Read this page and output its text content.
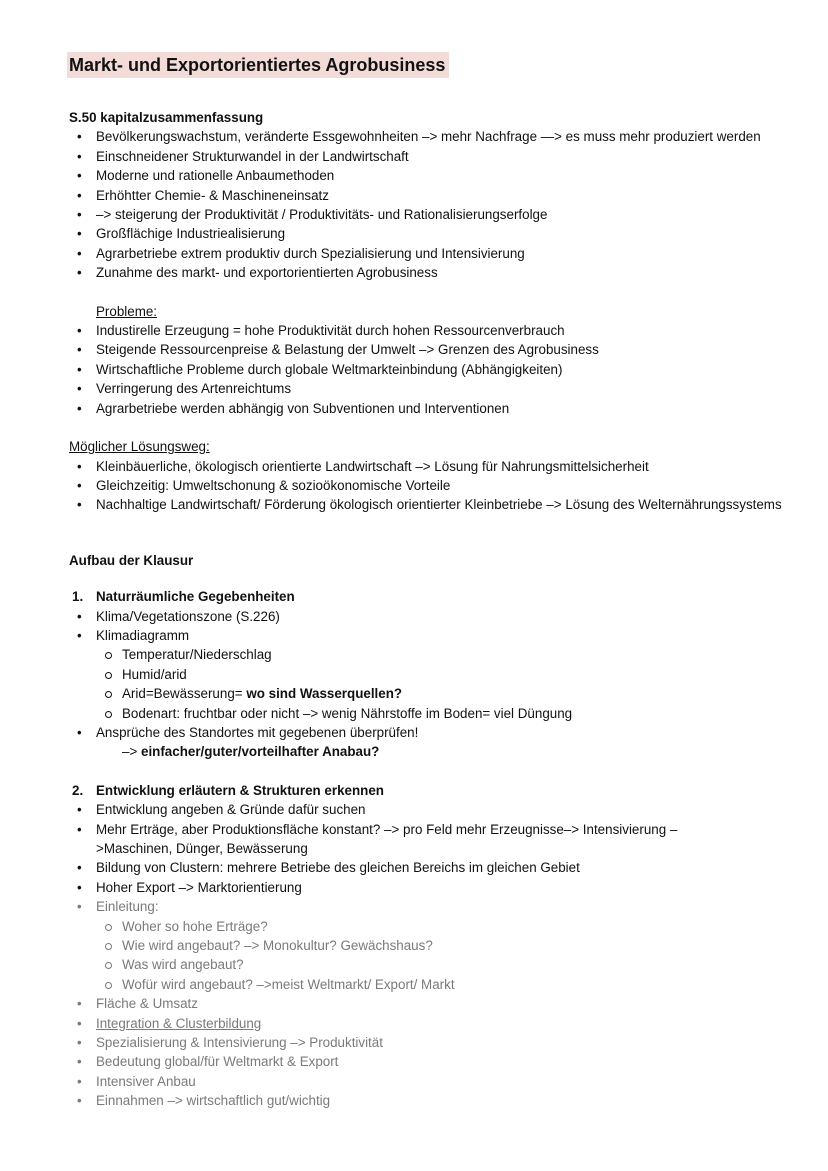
Markt- und Exportorientiertes Agrobusiness
S.50 kapitalzusammenfassung
• Bevölkerungswachstum, veränderte Essgewohnheiten –> mehr Nachfrage —> es muss mehr produziert werden
• Einschneidener Strukturwandel in der Landwirtschaft
• Moderne und rationelle Anbaumethoden
• Erhöhtter Chemie- & Maschineneinsatz
• –> steigerung der Produktivität / Produktivitäts- und Rationalisierungserfolge
• Großflächige Industriealisierung
• Agrarbetriebe extrem produktiv durch Spezialisierung und Intensivierung
• Zunahme des markt- und exportorientierten Agrobusiness
Probleme:
• Industirelle Erzeugung = hohe Produktivität durch hohen Ressourcenverbrauch
• Steigende Ressourcenpreise & Belastung der Umwelt –> Grenzen des Agrobusiness
• Wirtschaftliche Probleme durch globale Weltmarkteinbindung (Abhängigkeiten)
• Verringerung des Artenreichtums
• Agrarbetriebe werden abhängig von Subventionen und Interventionen
Möglicher Lösungsweg:
• Kleinbäuerliche, ökologisch orientierte Landwirtschaft –> Lösung für Nahrungsmittelsicherheit
• Gleichzeitig: Umweltschonung & sozioökonomische Vorteile
• Nachhaltige Landwirtschaft/ Förderung ökologisch orientierter Kleinbetriebe –> Lösung des Welternährungssystems
Aufbau der Klausur
1. Naturräumliche Gegebenheiten
• Klima/Vegetationszone (S.226)
• Klimadiagramm
Temperatur/Niederschlag
Humid/arid
Arid=Bewässerung= wo sind Wasserquellen?
Bodenart: fruchtbar oder nicht –> wenig Nährstoffe im Boden= viel Düngung
• Ansprüche des Standortes mit gegebenen überprüfen!
–> einfacher/guter/vorteilhafter Anabau?
2. Entwicklung erläutern & Strukturen erkennen
• Entwicklung angeben & Gründe dafür suchen
• Mehr Erträge, aber Produktionsfläche konstant? –> pro Feld mehr Erzeugnisse–> Intensivierung –>Maschinen, Dünger, Bewässerung
• Bildung von Clustern: mehrere Betriebe des gleichen Bereichs im gleichen Gebiet
• Hoher Export –> Marktorientierung
• Einleitung:
Woher so hohe Erträge?
Wie wird angebaut? –> Monokultur? Gewächshaus?
Was wird angebaut?
Wofür wird angebaut? –>meist Weltmarkt/ Export/ Markt
• Fläche & Umsatz
• Integration & Clusterbildung
• Spezialisierung & Intensivierung –> Produktivität
• Bedeutung global/für Weltmarkt & Export
• Intensiver Anbau
• Einnahmen –> wirtschaftlich gut/wichtig
